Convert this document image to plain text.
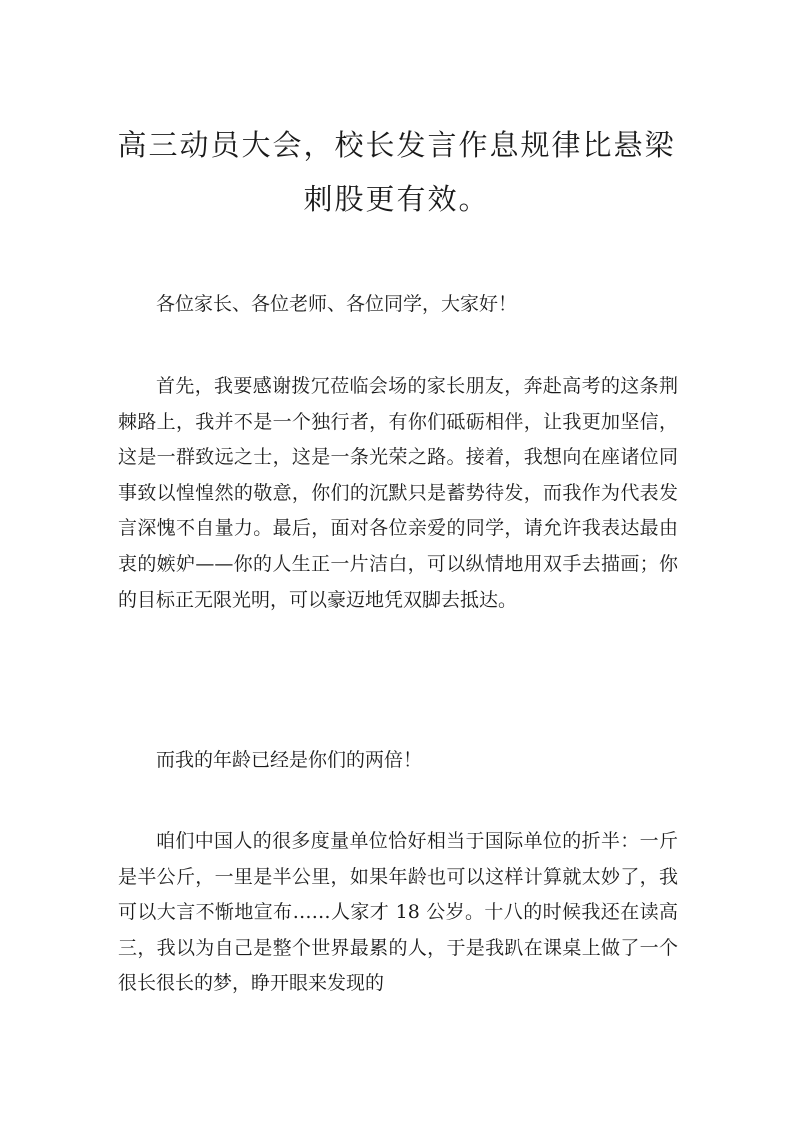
高三动员大会，校长发言作息规律比悬梁刺股更有效。

各位家长、各位老师、各位同学，大家好！

首先，我要感谢拨冗莅临会场的家长朋友，奔赴高考的这条荆棘路上，我并不是一个独行者，有你们砥砺相伴，让我更加坚信，这是一群致远之士，这是一条光荣之路。接着，我想向在座诸位同事致以惶惶然的敬意，你们的沉默只是蓄势待发，而我作为代表发言深愧不自量力。最后，面对各位亲爱的同学，请允许我表达最由衷的嫉妒——你的人生正一片洁白，可以纵情地用双手去描画；你的目标正无限光明，可以豪迈地凭双脚去抵达。

而我的年龄已经是你们的两倍！

咱们中国人的很多度量单位恰好相当于国际单位的折半：一斤是半公斤，一里是半公里，如果年龄也可以这样计算就太妙了，我可以大言不惭地宣布……人家才 18 公岁。十八的时候我还在读高三，我以为自己是整个世界最累的人，于是我趴在课桌上做了一个很长很长的梦，睁开眼来发现的
